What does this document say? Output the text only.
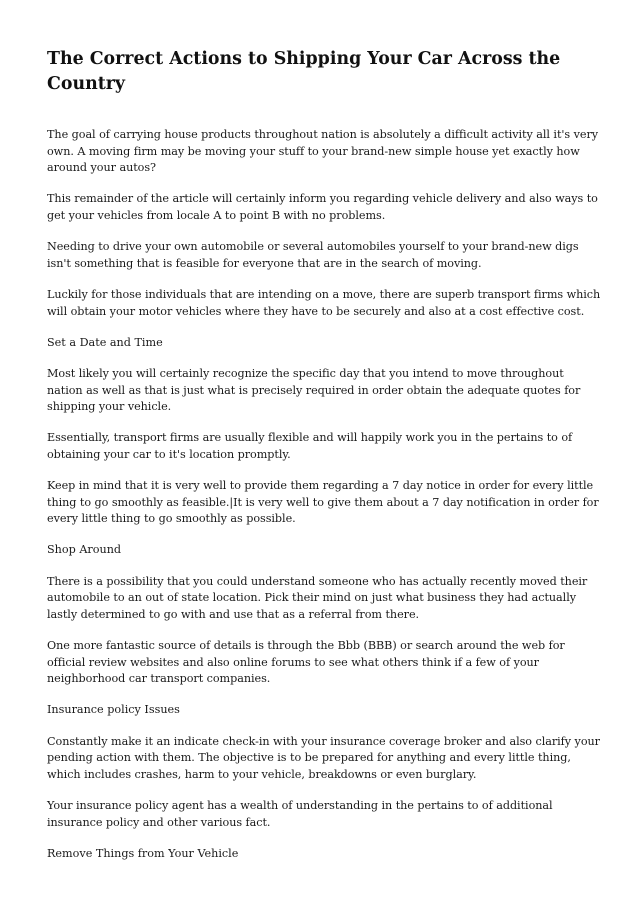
The Correct Actions to Shipping Your Car Across the Country

The goal of carrying house products throughout nation is absolutely a difficult activity all it's very own. A moving firm may be moving your stuff to your brand-new simple house yet exactly how around your autos?

This remainder of the article will certainly inform you regarding vehicle delivery and also ways to get your vehicles from locale A to point B with no problems.

Needing to drive your own automobile or several automobiles yourself to your brand-new digs isn't something that is feasible for everyone that are in the search of moving.

Luckily for those individuals that are intending on a move, there are superb transport firms which will obtain your motor vehicles where they have to be securely and also at a cost effective cost.

Set a Date and Time

Most likely you will certainly recognize the specific day that you intend to move throughout nation as well as that is just what is precisely required in order obtain the adequate quotes for shipping your vehicle.

Essentially, transport firms are usually flexible and will happily work you in the pertains to of obtaining your car to it's location promptly.

Keep in mind that it is very well to provide them regarding a 7 day notice in order for every little thing to go smoothly as feasible.|It is very well to give them about a 7 day notification in order for every little thing to go smoothly as possible.

Shop Around

There is a possibility that you could understand someone who has actually recently moved their automobile to an out of state location. Pick their mind on just what business they had actually lastly determined to go with and use that as a referral from there.

One more fantastic source of details is through the Bbb (BBB) or search around the web for official review websites and also online forums to see what others think if a few of your neighborhood car transport companies.

Insurance policy Issues

Constantly make it an indicate check-in with your insurance coverage broker and also clarify your pending action with them. The objective is to be prepared for anything and every little thing, which includes crashes, harm to your vehicle, breakdowns or even burglary.

Your insurance policy agent has a wealth of understanding in the pertains to of additional insurance policy and other various fact.

Remove Things from Your Vehicle
